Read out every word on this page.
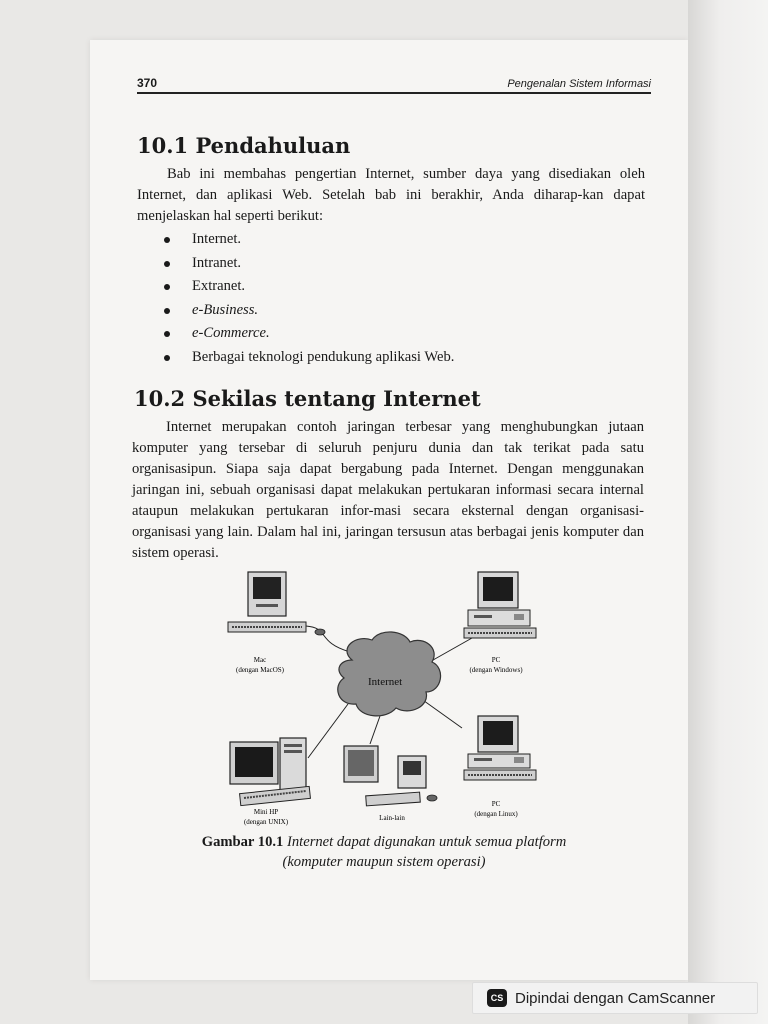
370	Pengenalan Sistem Informasi
10.1 Pendahuluan

Bab ini membahas pengertian Internet, sumber daya yang disediakan oleh Internet, dan aplikasi Web. Setelah bab ini berakhir, Anda diharap-kan dapat menjelaskan hal seperti berikut:

Internet.
Intranet.
Extranet.
e-Business.
e-Commerce.
Berbagai teknologi pendukung aplikasi Web.
10.2 Sekilas tentang Internet

Internet merupakan contoh jaringan terbesar yang menghubungkan jutaan komputer yang tersebar di seluruh penjuru dunia dan tak terikat pada satu organisasipun. Siapa saja dapat bergabung pada Internet. Dengan menggunakan jaringan ini, sebuah organisasi dapat melakukan pertukaran informasi secara internal ataupun melakukan pertukaran infor-masi secara eksternal dengan organisasi-organisasi yang lain. Dalam hal ini, jaringan tersusun atas berbagai jenis komputer dan sistem operasi.

Internet
Mac
(dengan MacOS)
PC
(dengan Windows)
Mini HP
(dengan UNIX)	Lain-lain
PC
(dengan Linux)
Gambar 10.1 Internet dapat digunakan untuk semua platform
(komputer maupun sistem operasi)
CS Dipindai dengan CamScanner
